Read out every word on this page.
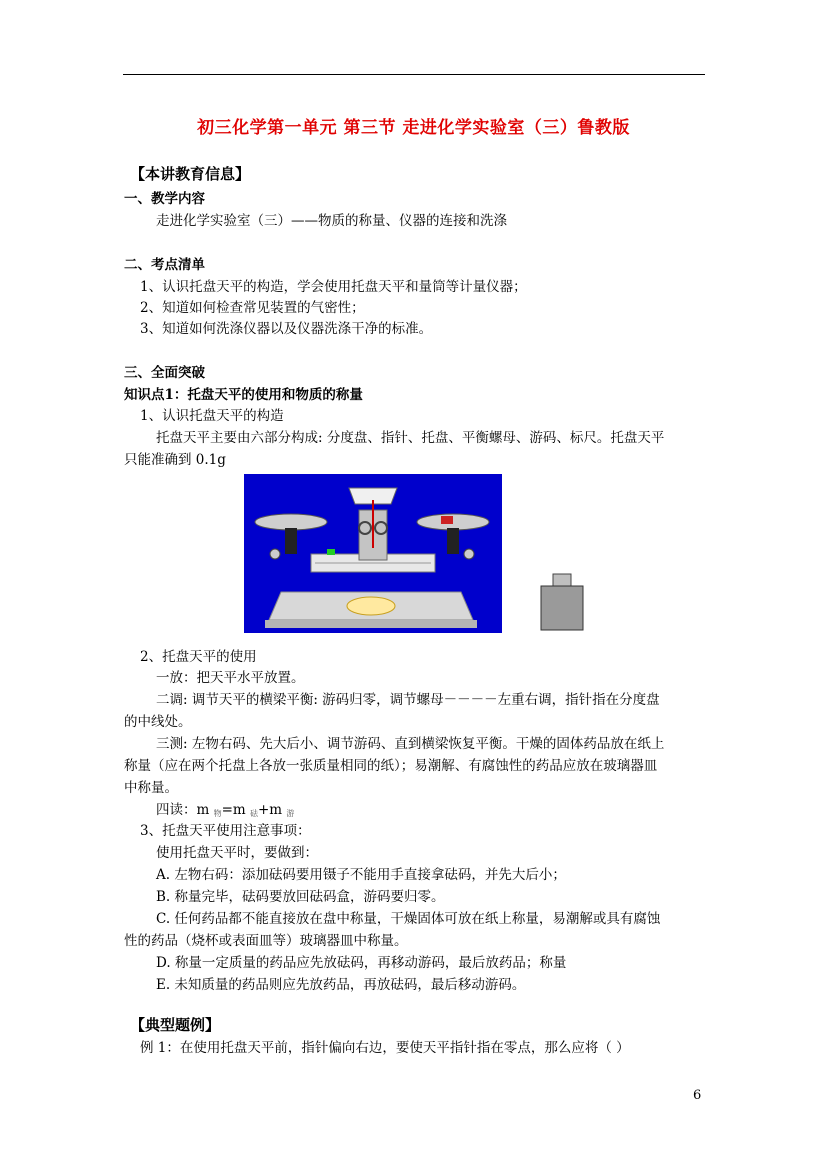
初三化学第一单元 第三节 走进化学实验室（三）鲁教版
【本讲教育信息】
一、教学内容
走进化学实验室（三）——物质的称量、仪器的连接和洗涤
二、考点清单
1、认识托盘天平的构造，学会使用托盘天平和量筒等计量仪器；
2、知道如何检查常见装置的气密性；
3、知道如何洗涤仪器以及仪器洗涤干净的标准。
三、全面突破
知识点1：托盘天平的使用和物质的称量
1、认识托盘天平的构造
托盘天平主要由六部分构成: 分度盘、指针、托盘、平衡螺母、游码、标尺。托盘天平
只能准确到 0.1g
2、托盘天平的使用
一放：把天平水平放置。
二调: 调节天平的横梁平衡: 游码归零，调节螺母－－－－左重右调，指针指在分度盘
的中线处。
三测: 左物右码、先大后小、调节游码、直到横梁恢复平衡。干燥的固体药品放在纸上
称量（应在两个托盘上各放一张质量相同的纸）；易潮解、有腐蚀性的药品应放在玻璃器皿
中称量。
四读：m $_物$=m $_砝$+m $_游$
3、托盘天平使用注意事项：
使用托盘天平时，要做到：
A. 左物右码：添加砝码要用镊子不能用手直接拿砝码，并先大后小；
B. 称量完毕，砝码要放回砝码盒，游码要归零。
C. 任何药品都不能直接放在盘中称量，干燥固体可放在纸上称量，易潮解或具有腐蚀
性的药品（烧杯或表面皿等）玻璃器皿中称量。
D. 称量一定质量的药品应先放砝码，再移动游码，最后放药品；称量
E. 未知质量的药品则应先放药品，再放砝码，最后移动游码。
【典型题例】
例 1：在使用托盘天平前，指针偏向右边，要使天平指针指在零点，那么应将（ ）
6
